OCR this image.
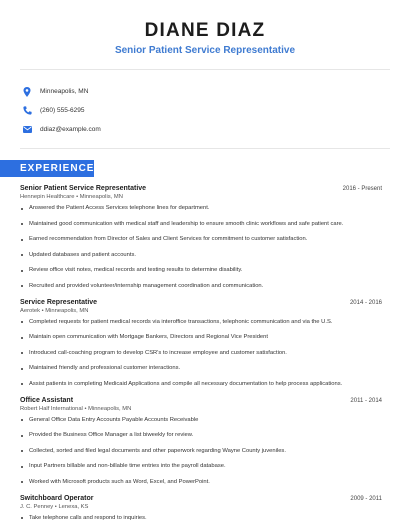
DIANE DIAZ
Senior Patient Service Representative
Minneapolis, MN
(260) 555-6295
ddiaz@example.com
EXPERIENCE
Senior Patient Service Representative	2016 - Present
Hennepin Healthcare • Minneapolis, MN
Answered the Patient Access Services telephone lines for department.
Maintained good communication with medical staff and leadership to ensure smooth clinic workflows and safe patient care.
Earned recommendation from Director of Sales and Client Services for commitment to customer satisfaction.
Updated databases and patient accounts.
Review office visit notes, medical records and testing results to determine disability.
Recruited and provided volunteer/internship management coordination and communication.
Service Representative	2014 - 2016
Aerotek • Minneapolis, MN
Completed requests for patient medical records via interoffice transactions, telephonic communication and via the U.S.
Maintain open communication with Mortgage Bankers, Directors and Regional Vice President
Introduced call-coaching program to develop CSR's to increase employee and customer satisfaction.
Maintained friendly and professional customer interactions.
Assist patients in completing Medicaid Applications and compile all necessary documentation to help process applications.
Office Assistant	2011 - 2014
Robert Half International • Minneapolis, MN
General Office Data Entry Accounts Payable Accounts Receivable
Provided the Business Office Manager a list biweekly for review.
Collected, sorted and filed legal documents and other paperwork regarding Wayne County juveniles.
Input Partners billable and non-billable time entries into the payroll database.
Worked with Microsoft products such as Word, Excel, and PowerPoint.
Switchboard Operator	2009 - 2011
J. C. Penney • Lenexa, KS
Take telephone calls and respond to inquiries.
